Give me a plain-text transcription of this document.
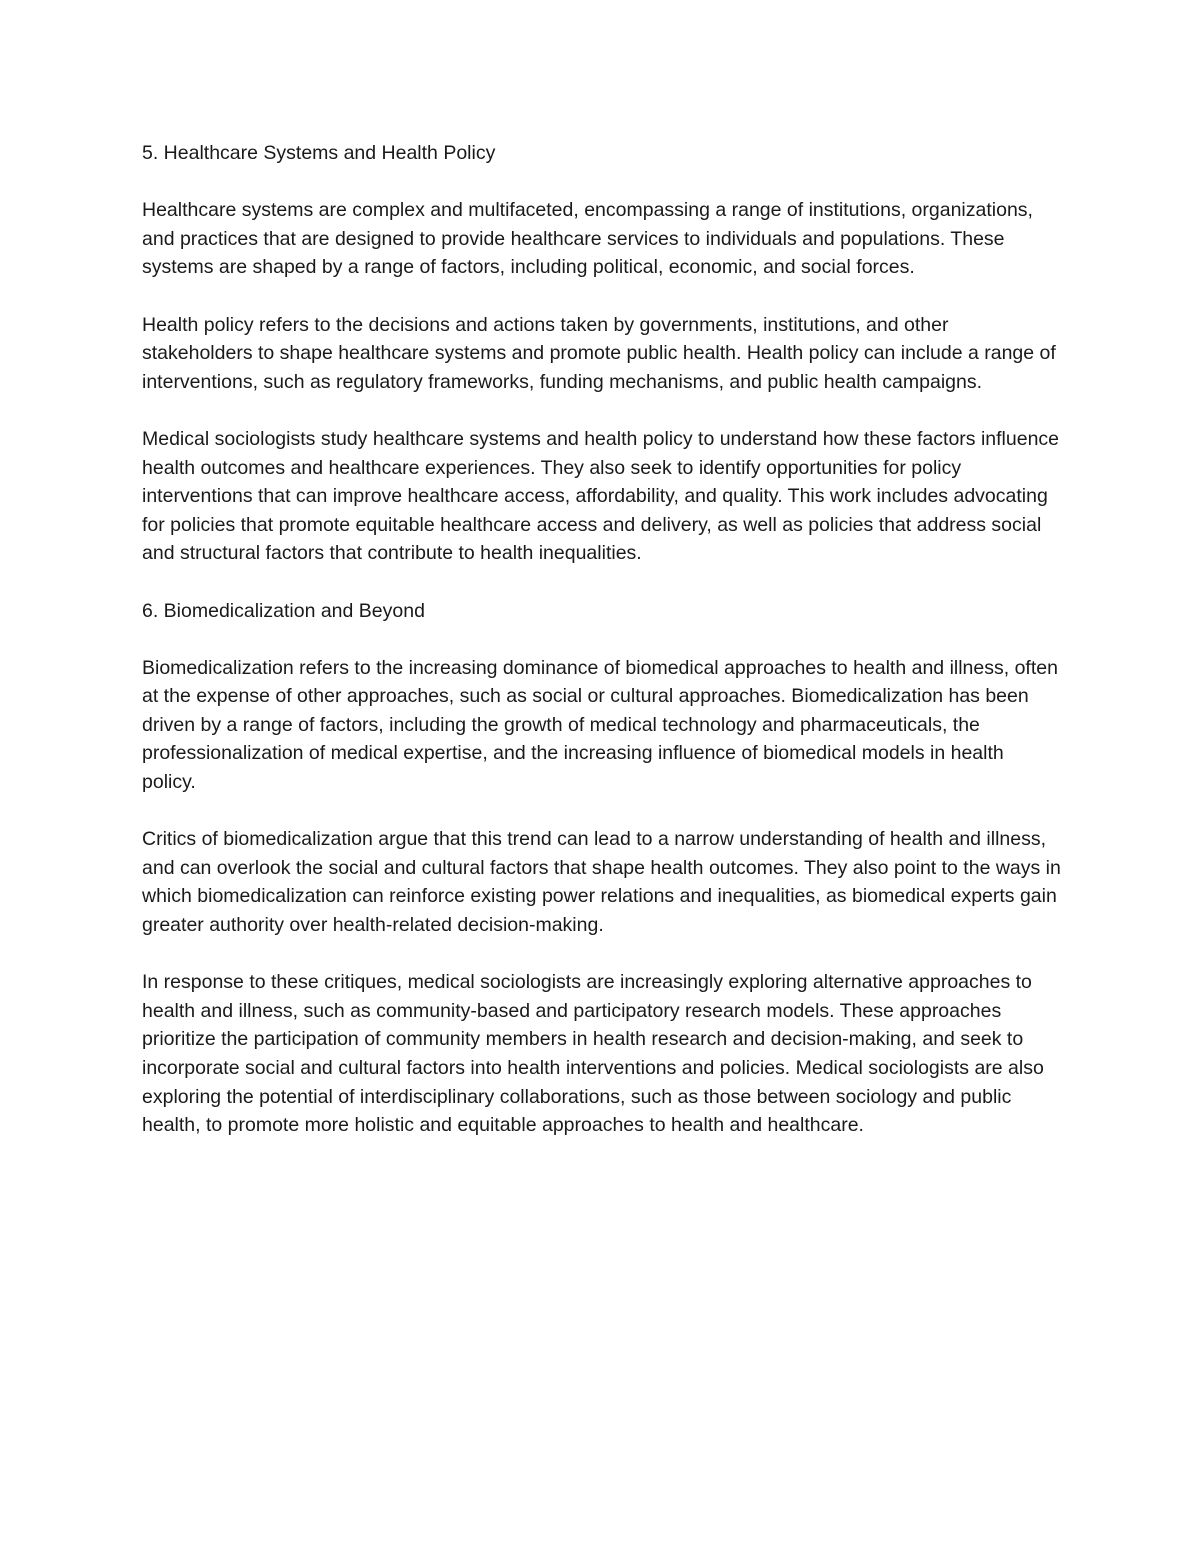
5. Healthcare Systems and Health Policy

Healthcare systems are complex and multifaceted, encompassing a range of institutions, organizations, and practices that are designed to provide healthcare services to individuals and populations. These systems are shaped by a range of factors, including political, economic, and social forces.

Health policy refers to the decisions and actions taken by governments, institutions, and other stakeholders to shape healthcare systems and promote public health. Health policy can include a range of interventions, such as regulatory frameworks, funding mechanisms, and public health campaigns.

Medical sociologists study healthcare systems and health policy to understand how these factors influence health outcomes and healthcare experiences. They also seek to identify opportunities for policy interventions that can improve healthcare access, affordability, and quality. This work includes advocating for policies that promote equitable healthcare access and delivery, as well as policies that address social and structural factors that contribute to health inequalities.

6. Biomedicalization and Beyond

Biomedicalization refers to the increasing dominance of biomedical approaches to health and illness, often at the expense of other approaches, such as social or cultural approaches. Biomedicalization has been driven by a range of factors, including the growth of medical technology and pharmaceuticals, the professionalization of medical expertise, and the increasing influence of biomedical models in health policy.

Critics of biomedicalization argue that this trend can lead to a narrow understanding of health and illness, and can overlook the social and cultural factors that shape health outcomes. They also point to the ways in which biomedicalization can reinforce existing power relations and inequalities, as biomedical experts gain greater authority over health-related decision-making.

In response to these critiques, medical sociologists are increasingly exploring alternative approaches to health and illness, such as community-based and participatory research models. These approaches prioritize the participation of community members in health research and decision-making, and seek to incorporate social and cultural factors into health interventions and policies. Medical sociologists are also exploring the potential of interdisciplinary collaborations, such as those between sociology and public health, to promote more holistic and equitable approaches to health and healthcare.
